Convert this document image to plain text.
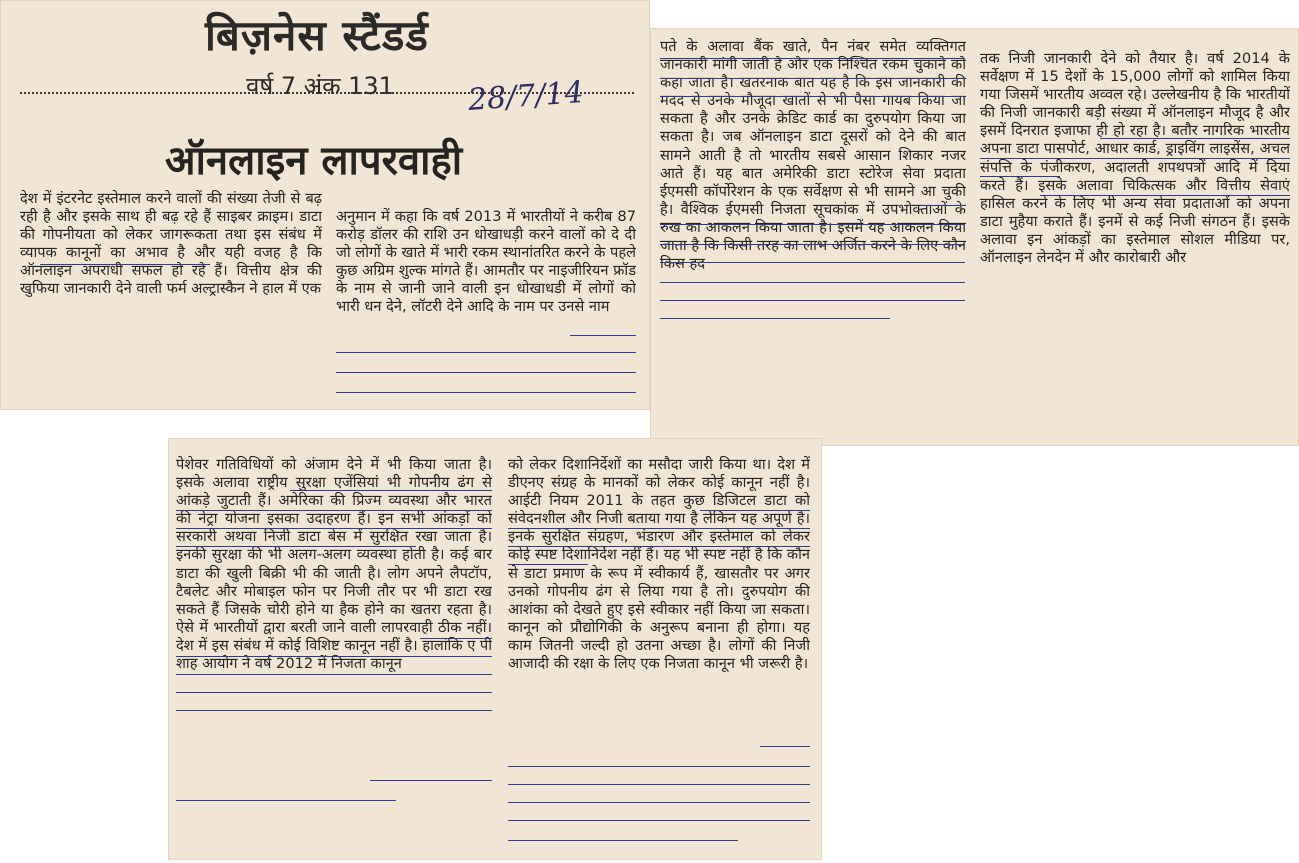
बिज़नेस स्टैंडर्ड
वर्ष 7 अंक 131 28/7/14
ऑनलाइन लापरवाही

देश में इंटरनेट इस्तेमाल करने वालों की संख्या तेजी से बढ़ रही है और इसके साथ ही बढ़ रहे हैं साइबर क्राइम। डाटा की गोपनीयता को लेकर जागरूकता तथा इस संबंध में व्यापक कानूनों का अभाव है और यही वजह है कि ऑनलाइन अपराधी सफल हो रहे हैं। वित्तीय क्षेत्र की खुफिया जानकारी देने वाली फर्म अल्ट्रास्कैन ने हाल में एक

अनुमान में कहा कि वर्ष 2013 में भारतीयों ने करीब 87 करोड़ डॉलर की राशि उन धोखाधड़ी करने वालों को दे दी जो लोगों के खाते में भारी रकम स्थानांतरित करने के पहले कुछ अग्रिम शुल्क मांगते हैं। आमतौर पर नाइजीरियन फ्रॉड के नाम से जानी जाने वाली इन धोखाधडी में लोगों को भारी धन देने, लॉटरी देने आदि के नाम पर उनसे नाम

पते के अलावा बैंक खाते, पैन नंबर समेत व्यक्तिगत जानकारी मांगी जाती है और एक निश्चित रकम चुकाने को कहा जाता है। खतरनाक बात यह है कि इस जानकारी की मदद से उनके मौजूदा खातों से भी पैसा गायब किया जा सकता है और उनके क्रेडिट कार्ड का दुरुपयोग किया जा सकता है। जब ऑनलाइन डाटा दूसरों को देने की बात सामने आती है तो भारतीय सबसे आसान शिकार नजर आते हैं। यह बात अमेरिकी डाटा स्टोरेज सेवा प्रदाता ईएमसी कॉर्पोरेशन के एक सर्वेक्षण से भी सामने आ चुकी है। वैश्विक ईएमसी निजता सूचकांक में उपभोक्ताओं के रुख का आकलन किया जाता है। इसमें यह आकलन किया जाता है कि किसी तरह का लाभ अर्जित करने के लिए कौन किस हद

तक निजी जानकारी देने को तैयार है। वर्ष 2014 के सर्वेक्षण में 15 देशों के 15,000 लोगों को शामिल किया गया जिसमें भारतीय अव्वल रहे। उल्लेखनीय है कि भारतीयों की निजी जानकारी बड़ी संख्या में ऑनलाइन मौजूद है और इसमें दिनरात इजाफा ही हो रहा है। बतौर नागरिक भारतीय अपना डाटा पासपोर्ट, आधार कार्ड, ड्राइविंग लाइसेंस, अचल संपत्ति के पंजीकरण, अदालती शपथपत्रों आदि में दिया करते हैं। इसके अलावा चिकित्सक और वित्तीय सेवाएं हासिल करने के लिए भी अन्य सेवा प्रदाताओं को अपना डाटा मुहैया कराते हैं। इनमें से कई निजी संगठन हैं। इसके अलावा इन आंकड़ों का इस्तेमाल सोशल मीडिया पर, ऑनलाइन लेनदेन में और कारोबारी और

पेशेवर गतिविधियों को अंजाम देने में भी किया जाता है। इसके अलावा राष्ट्रीय सुरक्षा एजेंसियां भी गोपनीय ढंग से आंकड़े जुटाती हैं। अमेरिका की प्रिज्म व्यवस्था और भारत की नेट्रा योजना इसका उदाहरण हैं। इन सभी आंकड़ों को सरकारी अथवा निजी डाटा बेस में सुरक्षित रखा जाता है। इनकी सुरक्षा की भी अलग-अलग व्यवस्था होती है। कई बार डाटा की खुली बिक्री भी की जाती है। लोग अपने लैपटॉप, टैबलेट और मोबाइल फोन पर निजी तौर पर भी डाटा रख सकते हैं जिसके चोरी होने या हैक होने का खतरा रहता है। ऐसे में भारतीयों द्वारा बरती जाने वाली लापरवाही ठीक नहीं। देश में इस संबंध में कोई विशिष्ट कानून नहीं है। हालांकि ए पी शाह आयोग ने वर्ष 2012 में निजता कानून

को लेकर दिशानिर्देशों का मसौदा जारी किया था। देश में डीएनए संग्रह के मानकों को लेकर कोई कानून नहीं है। आईटी नियम 2011 के तहत कुछ डिजिटल डाटा को संवेदनशील और निजी बताया गया है लेकिन यह अपूर्ण है। इनके सुरक्षित संग्रहण, भंडारण और इस्तेमाल को लेकर कोई स्पष्ट दिशानिर्देश नहीं हैं। यह भी स्पष्ट नहीं है कि कौन से डाटा प्रमाण के रूप में स्वीकार्य हैं, खासतौर पर अगर उनको गोपनीय ढंग से लिया गया है तो। दुरुपयोग की आशंका को देखते हुए इसे स्वीकार नहीं किया जा सकता। कानून को प्रौद्योगिकी के अनुरूप बनाना ही होगा। यह काम जितनी जल्दी हो उतना अच्छा है। लोगों की निजी आजादी की रक्षा के लिए एक निजता कानून भी जरूरी है।
